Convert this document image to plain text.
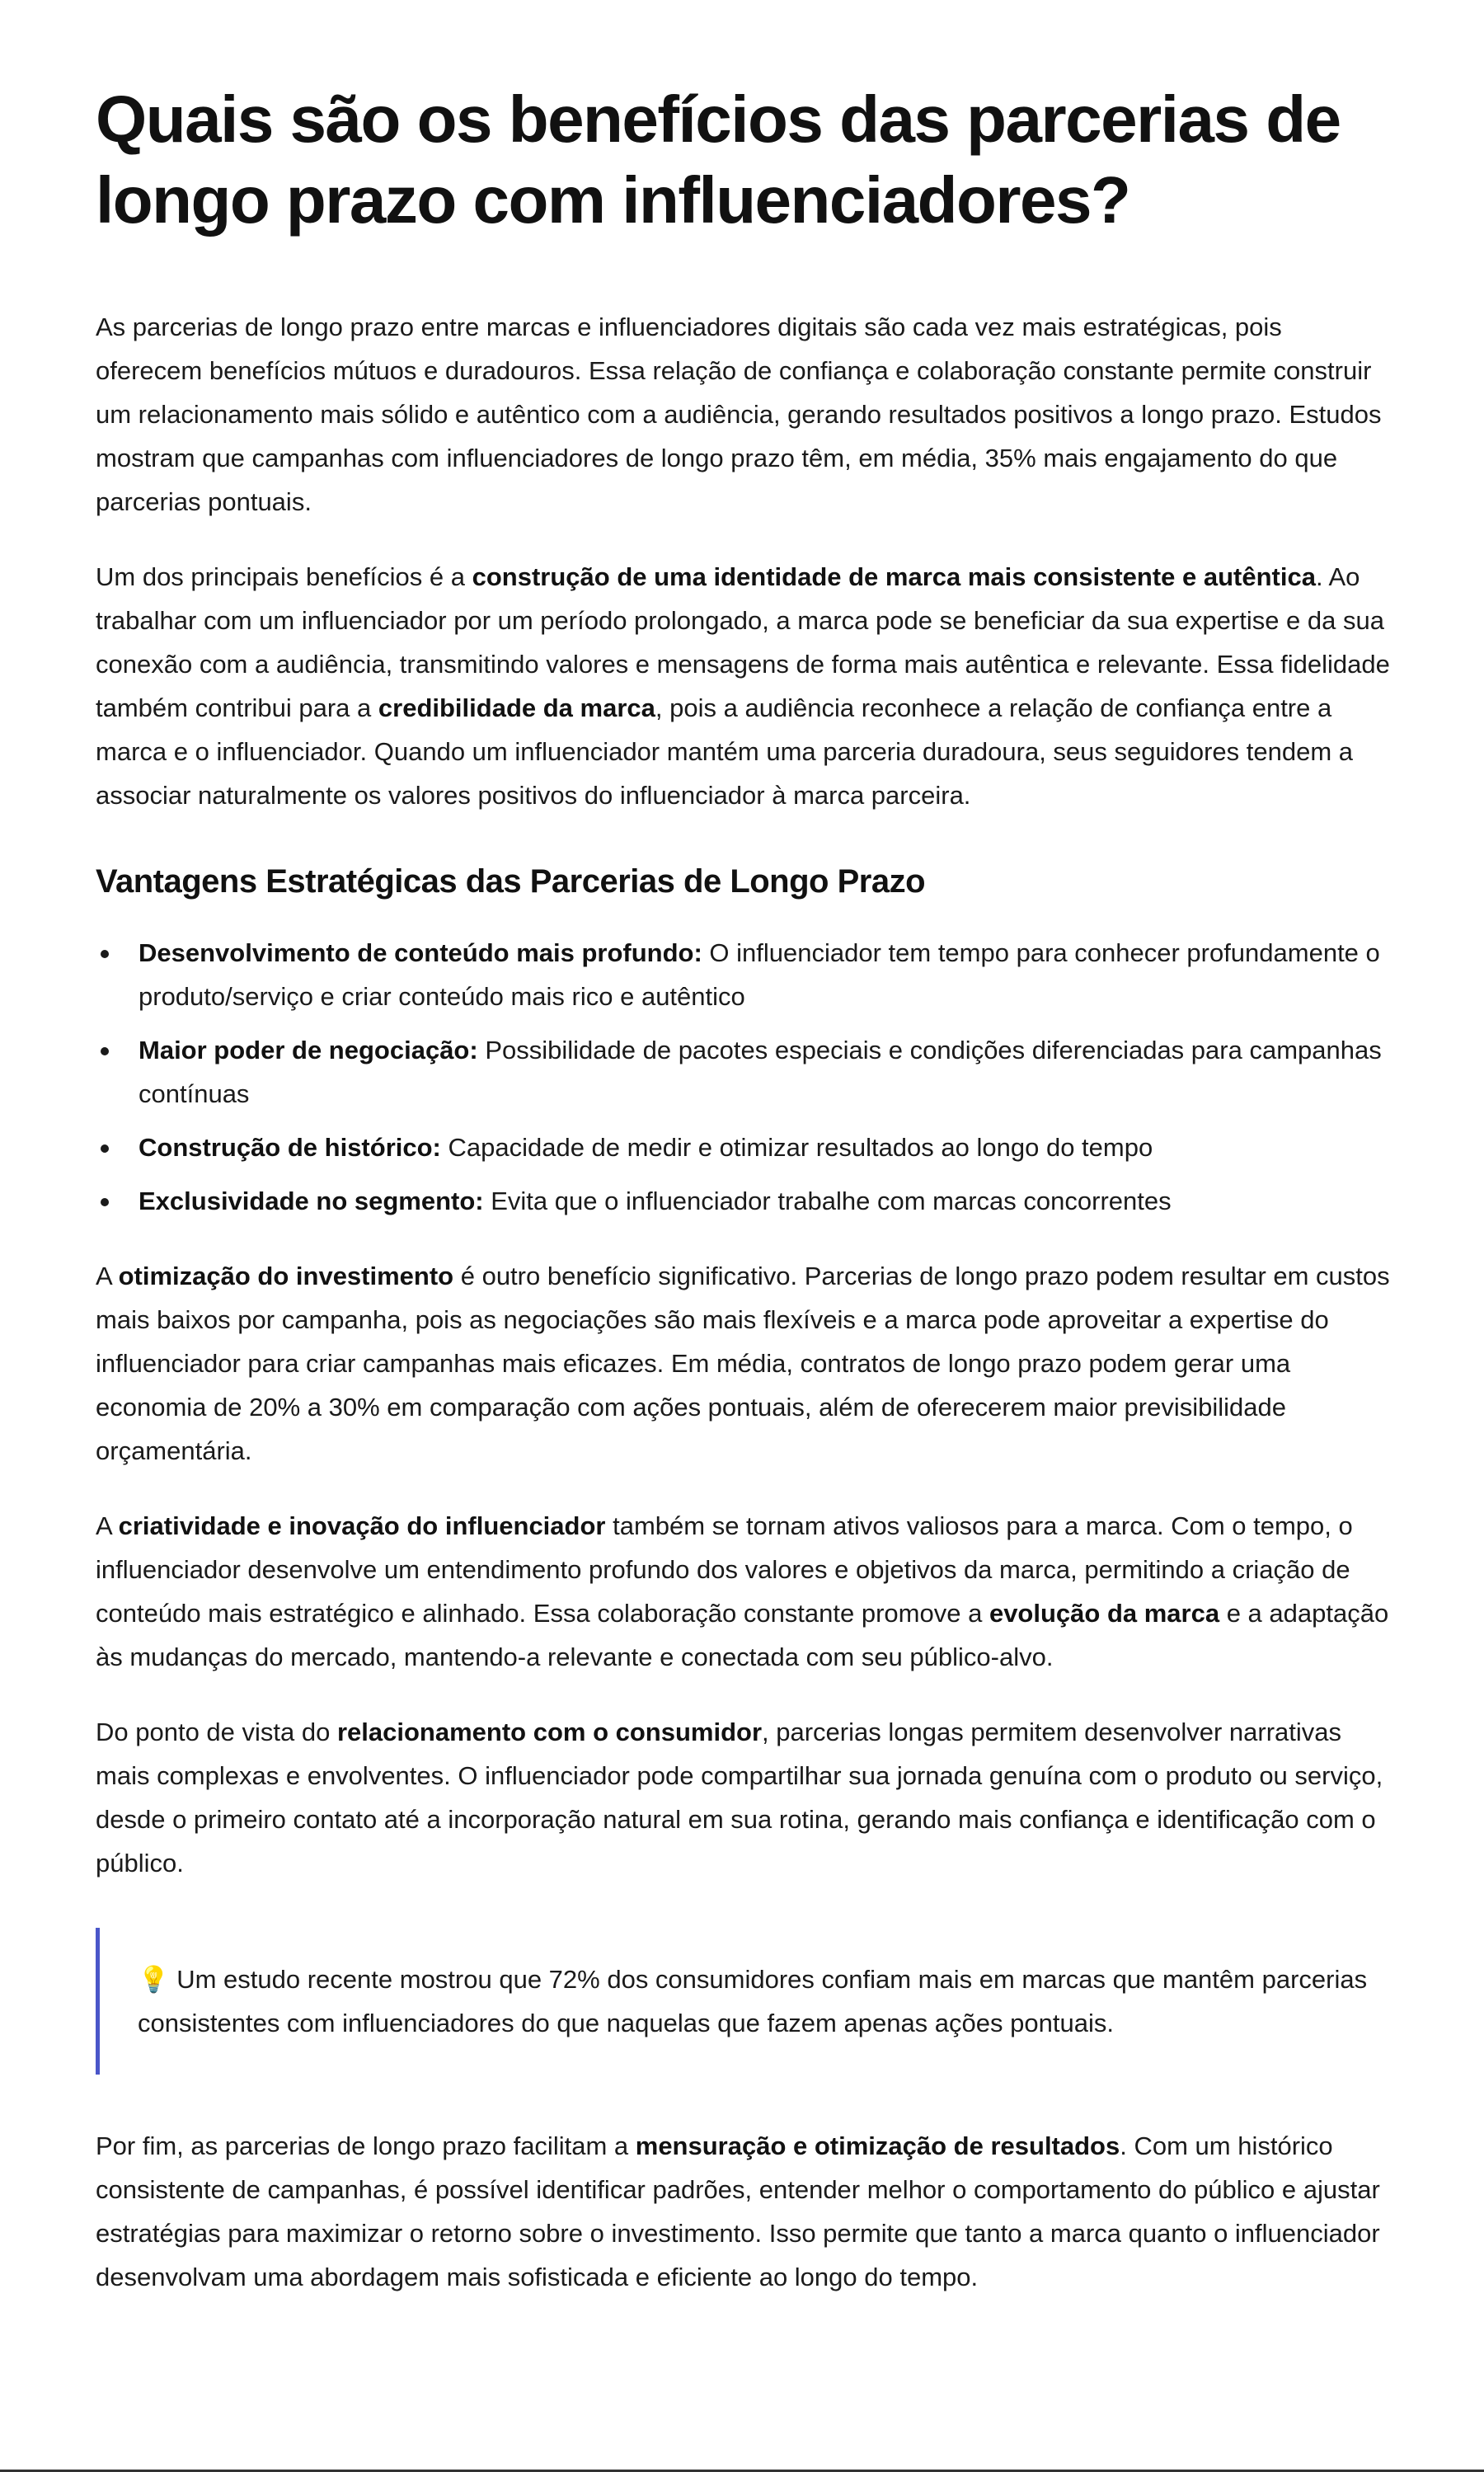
Quais são os benefícios das parcerias de longo prazo com influenciadores?

As parcerias de longo prazo entre marcas e influenciadores digitais são cada vez mais estratégicas, pois oferecem benefícios mútuos e duradouros. Essa relação de confiança e colaboração constante permite construir um relacionamento mais sólido e autêntico com a audiência, gerando resultados positivos a longo prazo. Estudos mostram que campanhas com influenciadores de longo prazo têm, em média, 35% mais engajamento do que parcerias pontuais.

Um dos principais benefícios é a construção de uma identidade de marca mais consistente e autêntica. Ao trabalhar com um influenciador por um período prolongado, a marca pode se beneficiar da sua expertise e da sua conexão com a audiência, transmitindo valores e mensagens de forma mais autêntica e relevante. Essa fidelidade também contribui para a credibilidade da marca, pois a audiência reconhece a relação de confiança entre a marca e o influenciador. Quando um influenciador mantém uma parceria duradoura, seus seguidores tendem a associar naturalmente os valores positivos do influenciador à marca parceira.

Vantagens Estratégicas das Parcerias de Longo Prazo
Desenvolvimento de conteúdo mais profundo: O influenciador tem tempo para conhecer profundamente o produto/serviço e criar conteúdo mais rico e autêntico
Maior poder de negociação: Possibilidade de pacotes especiais e condições diferenciadas para campanhas contínuas
Construção de histórico: Capacidade de medir e otimizar resultados ao longo do tempo
Exclusividade no segmento: Evita que o influenciador trabalhe com marcas concorrentes

A otimização do investimento é outro benefício significativo. Parcerias de longo prazo podem resultar em custos mais baixos por campanha, pois as negociações são mais flexíveis e a marca pode aproveitar a expertise do influenciador para criar campanhas mais eficazes. Em média, contratos de longo prazo podem gerar uma economia de 20% a 30% em comparação com ações pontuais, além de oferecerem maior previsibilidade orçamentária.

A criatividade e inovação do influenciador também se tornam ativos valiosos para a marca. Com o tempo, o influenciador desenvolve um entendimento profundo dos valores e objetivos da marca, permitindo a criação de conteúdo mais estratégico e alinhado. Essa colaboração constante promove a evolução da marca e a adaptação às mudanças do mercado, mantendo-a relevante e conectada com seu público-alvo.

Do ponto de vista do relacionamento com o consumidor, parcerias longas permitem desenvolver narrativas mais complexas e envolventes. O influenciador pode compartilhar sua jornada genuína com o produto ou serviço, desde o primeiro contato até a incorporação natural em sua rotina, gerando mais confiança e identificação com o público.

💡 Um estudo recente mostrou que 72% dos consumidores confiam mais em marcas que mantêm parcerias consistentes com influenciadores do que naquelas que fazem apenas ações pontuais.

Por fim, as parcerias de longo prazo facilitam a mensuração e otimização de resultados. Com um histórico consistente de campanhas, é possível identificar padrões, entender melhor o comportamento do público e ajustar estratégias para maximizar o retorno sobre o investimento. Isso permite que tanto a marca quanto o influenciador desenvolvam uma abordagem mais sofisticada e eficiente ao longo do tempo.
